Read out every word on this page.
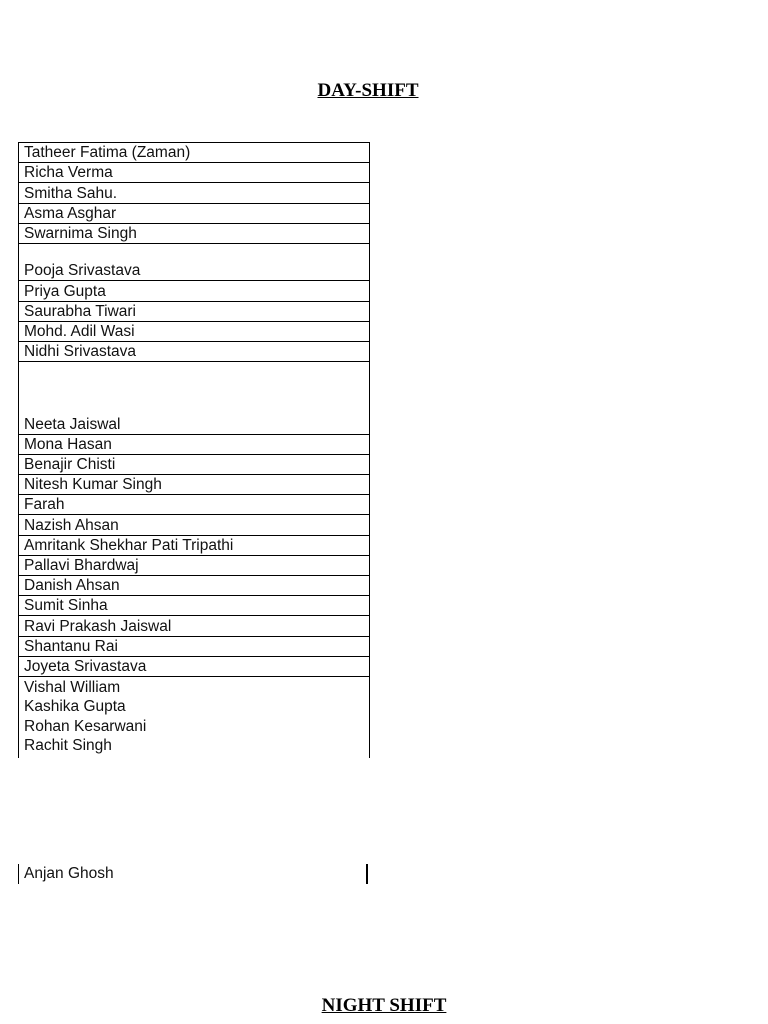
DAY-SHIFT
Tatheer Fatima (Zaman)
Richa Verma
Smitha Sahu.
Asma Asghar
Swarnima Singh
Pooja Srivastava
Priya Gupta
Saurabha Tiwari
Mohd. Adil Wasi
Nidhi Srivastava
Neeta Jaiswal
Mona Hasan
Benajir Chisti
Nitesh Kumar Singh
Farah
Nazish Ahsan
Amritank Shekhar Pati Tripathi
Pallavi Bhardwaj
Danish Ahsan
Sumit Sinha
Ravi Prakash Jaiswal
Shantanu Rai
Joyeta Srivastava
Vishal William
Kashika Gupta
Rohan Kesarwani
Rachit Singh
Anjan Ghosh
NIGHT SHIFT
